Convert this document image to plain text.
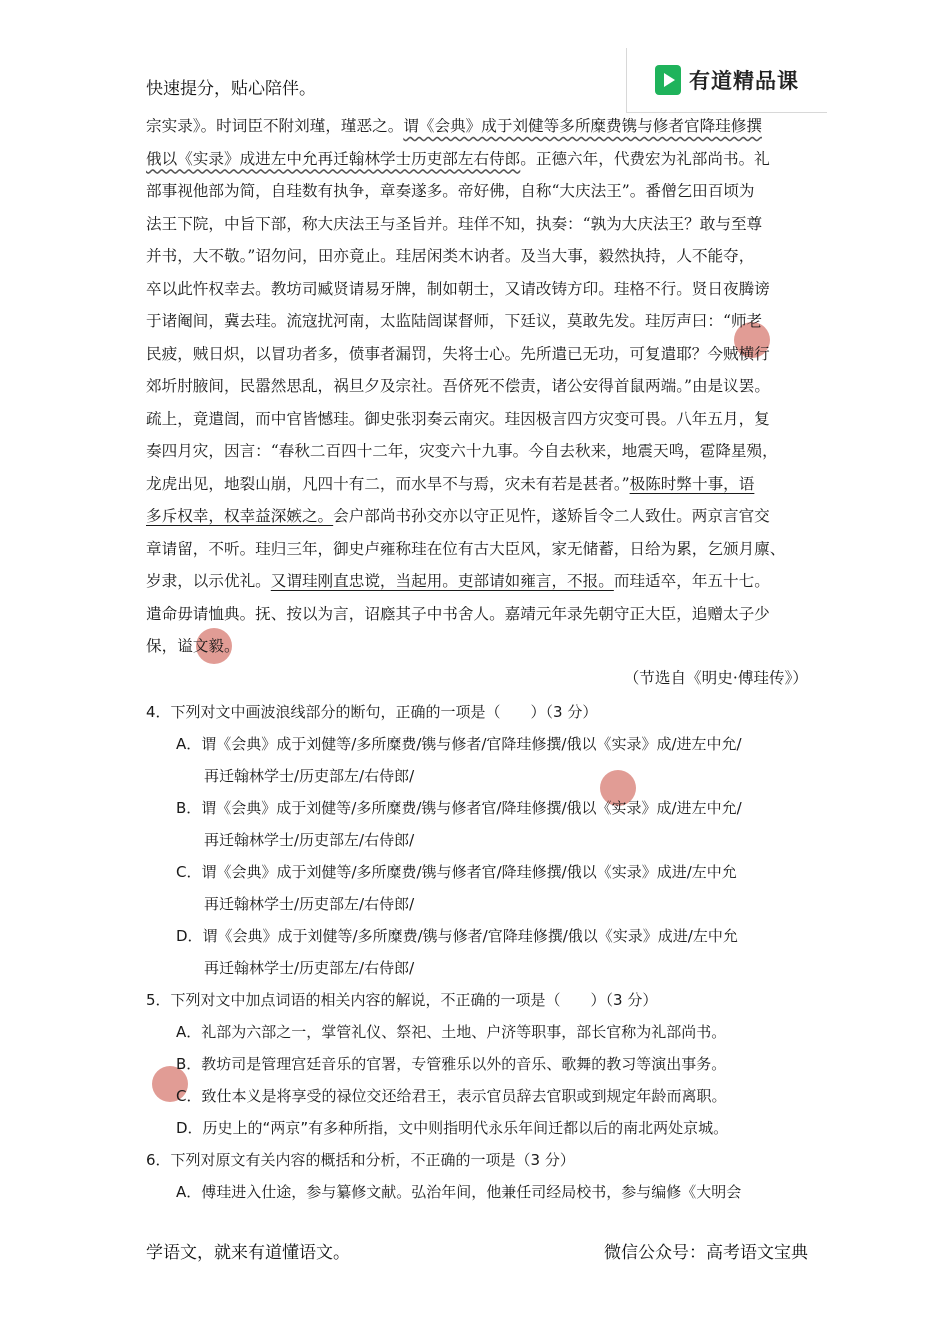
快速提分，贴心陪伴。	有道精品课

宗实录》。时词臣不附刘瑾，瑾恶之。谓《会典》成于刘健等多所糜费镌与修者官降珪修撰

俄以《实录》成进左中允再迁翰林学士历吏部左右侍郎。正德六年，代费宏为礼部尚书。礼

部事视他部为简，自珪数有执争，章奏遂多。帝好佛，自称“大庆法王”。番僧乞田百顷为

法王下院，中旨下部，称大庆法王与圣旨并。珪佯不知，执奏：“孰为大庆法王？敢与至尊

并书，大不敬。”诏勿问，田亦竟止。珪居闲类木讷者。及当大事，毅然执持，人不能夺，

卒以此忤权幸去。教坊司臧贤请易牙牌，制如朝士，又请改铸方印。珪格不行。贤日夜腾谤

于诸阉间，冀去珪。流寇扰河南，太监陆訚谋督师，下廷议，莫敢先发。珪厉声曰：“师老

民疲，贼日炽，以冒功者多，偾事者漏罚，失将士心。先所遣已无功，可复遣耶？今贼横行

郊圻肘腋间，民嚣然思乱，祸旦夕及宗社。吾侪死不偿责，诸公安得首鼠两端。”由是议罢。

疏上，竟遣訚，而中官皆憾珪。御史张羽奏云南灾。珪因极言四方灾变可畏。八年五月，复

奏四月灾，因言：“春秋二百四十二年，灾变六十九事。今自去秋来，地震天鸣，雹降星殒，

龙虎出见，地裂山崩，凡四十有二，而水旱不与焉，灾未有若是甚者。”极陈时弊十事，语

多斥权幸，权幸益深嫉之。会户部尚书孙交亦以守正见忤，遂矫旨令二人致仕。两京言官交

章请留，不听。珪归三年，御史卢雍称珪在位有古大臣风，家无储蓄，日给为累，乞颁月廪、

岁隶，以示优礼。又谓珪刚直忠谠，当起用。吏部请如雍言，不报。而珪适卒，年五十七。

遣命毋请恤典。抚、按以为言，诏廕其子中书舍人。嘉靖元年录先朝守正大臣，追赠太子少

保，谥文毅。

（节选自《明史·傅珪传》）
4．下列对文中画波浪线部分的断句，正确的一项是（　　）（3 分）
A．谓《会典》成于刘健等/多所糜费/镌与修者/官降珪修撰/俄以《实录》成/进左中允/
再迁翰林学士/历吏部左/右侍郎/
B．谓《会典》成于刘健等/多所糜费/镌与修者官/降珪修撰/俄以《实录》成/进左中允/
再迁翰林学士/历吏部左/右侍郎/
C．谓《会典》成于刘健等/多所糜费/镌与修者官/降珪修撰/俄以《实录》成进/左中允
再迁翰林学士/历吏部左/右侍郎/
D．谓《会典》成于刘健等/多所糜费/镌与修者/官降珪修撰/俄以《实录》成进/左中允
再迁翰林学士/历吏部左/右侍郎/
5．下列对文中加点词语的相关内容的解说，不正确的一项是（　　）（3 分）
A．礼部为六部之一，掌管礼仪、祭祀、土地、户济等职事，部长官称为礼部尚书。
B．教坊司是管理宫廷音乐的官署，专管雅乐以外的音乐、歌舞的教习等演出事务。
C．致仕本义是将享受的禄位交还给君王，表示官员辞去官职或到规定年龄而离职。
D．历史上的“两京”有多种所指，文中则指明代永乐年间迁都以后的南北两处京城。
6．下列对原文有关内容的概括和分析，不正确的一项是（3 分）
A．傅珪进入仕途，参与纂修文献。弘治年间，他兼任司经局校书，参与编修《大明会
学语文，就来有道懂语文。	微信公众号：高考语文宝典
